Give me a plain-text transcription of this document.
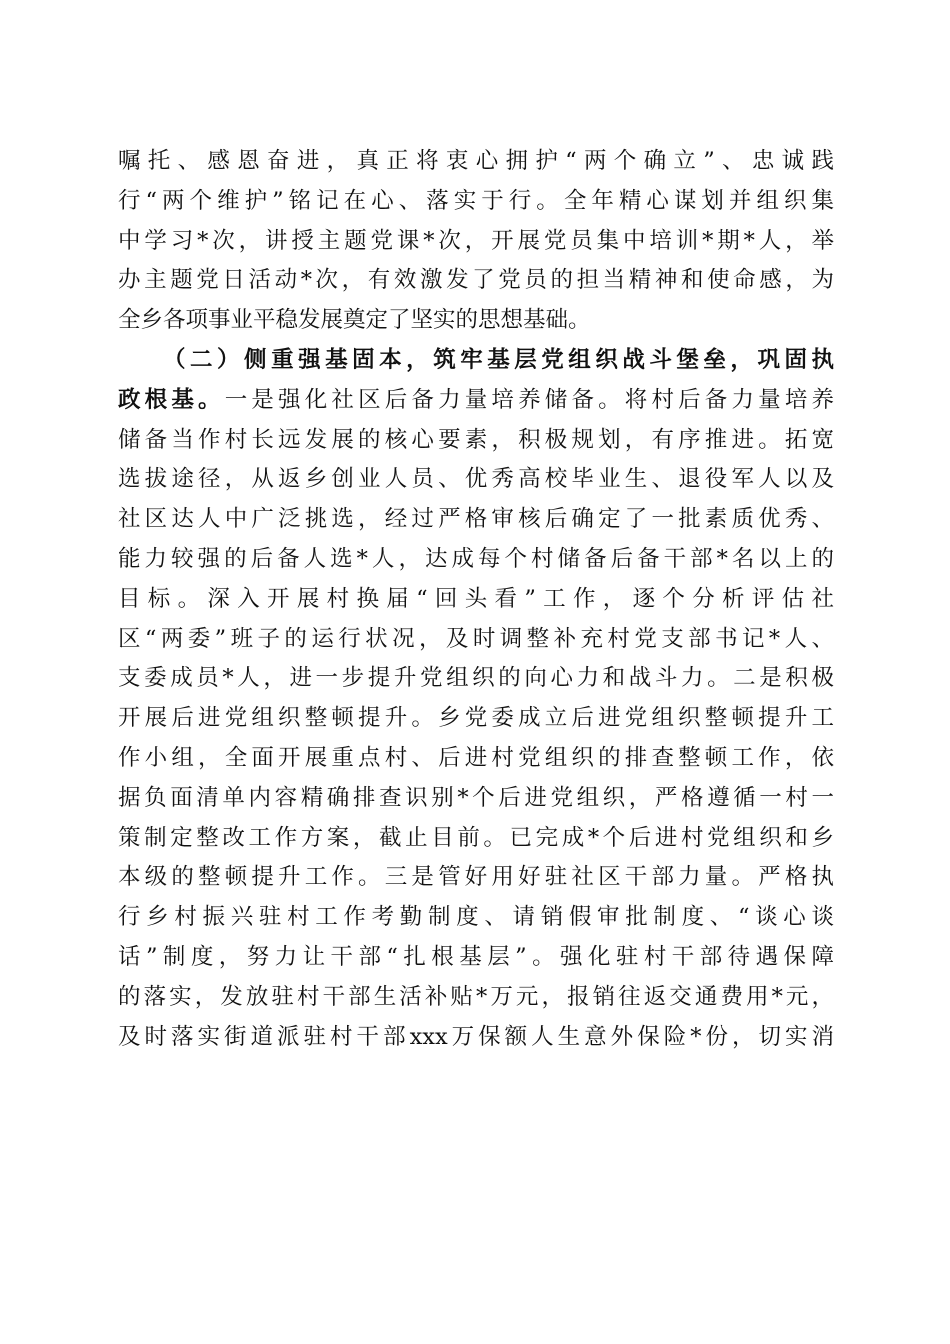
嘱托、感恩奋进，真正将衷心拥护“两个确立”、忠诚践
行“两个维护”铭记在心、落实于行。全年精心谋划并组织集
中学习*次，讲授主题党课*次，开展党员集中培训*期*人，举
办主题党日活动*次，有效激发了党员的担当精神和使命感，为
全乡各项事业平稳发展奠定了坚实的思想基础。
（二）侧重强基固本，筑牢基层党组织战斗堡垒，巩固执
政根基。一是强化社区后备力量培养储备。将村后备力量培养
储备当作村长远发展的核心要素，积极规划，有序推进。拓宽
选拔途径，从返乡创业人员、优秀高校毕业生、退役军人以及
社区达人中广泛挑选，经过严格审核后确定了一批素质优秀、
能力较强的后备人选*人，达成每个村储备后备干部*名以上的
目标。深入开展村换届“回头看”工作，逐个分析评估社
区“两委”班子的运行状况，及时调整补充村党支部书记*人、
支委成员*人，进一步提升党组织的向心力和战斗力。二是积极
开展后进党组织整顿提升。乡党委成立后进党组织整顿提升工
作小组，全面开展重点村、后进村党组织的排查整顿工作，依
据负面清单内容精确排查识别*个后进党组织，严格遵循一村一
策制定整改工作方案，截止目前。已完成*个后进村党组织和乡
本级的整顿提升工作。三是管好用好驻社区干部力量。严格执
行乡村振兴驻村工作考勤制度、请销假审批制度、“谈心谈
话”制度，努力让干部“扎根基层”。强化驻村干部待遇保障
的落实，发放驻村干部生活补贴*万元，报销往返交通费用*元，
及时落实街道派驻村干部xxx万保额人生意外保险*份，切实消
